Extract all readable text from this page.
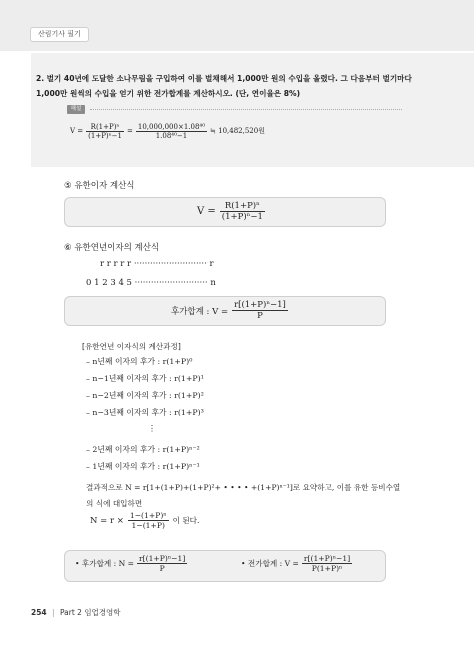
산림기사 필기
2. 벌기 40년에 도달한 소나무림을 구입하여 이를 벌채해서 1,000만 원의 수입을 올렸다. 그 다음부터 벌기마다 1,000만 원씩의 수입을 얻기 위한 전가합계를 계산하시오. (단, 연이율은 8%)
해설
$V = \frac{\text{R(1+P)ⁿ}}{\text{(1+P)ⁿ−1}} = \frac{\text{10,000,000×1.08⁴⁰}}{\text{1.08⁴⁰−1}}$ ≒ 10,482,520원
⑤ 유한이자 계산식
$V = \frac{\text{R(1+P)ⁿ}}{\text{(1+P)ⁿ−1}}$
⑥ 유한연년이자의 계산식
r r r r r ··························· r
0 1 2 3 4 5 ··························· n
후가합계 : $V = \frac{\text{r[(1+P)ⁿ−1]}}{P}$
[유한연년 이자식의 계산과정]
– n년째 이자의 후가 : r(1+P)⁰
– n−1년째 이자의 후가 : r(1+P)¹
– n−2년째 이자의 후가 : r(1+P)²
– n−3년째 이자의 후가 : r(1+P)³
⋮
– 2년째 이자의 후가 : r(1+P)ⁿ⁻²
– 1년째 이자의 후가 : r(1+P)ⁿ⁻¹
결과적으로 N = r[1+(1+P)+(1+P)²+ • • • • +(1+P)ⁿ⁻¹]로 요약하고, 이를 유한 등비수열
의 식에 대입하면
$N = r \times \frac{\text{1−(1+P)ⁿ}}{1-(1+P)}$ 이 된다.
• 후가합계 : $N = \frac{\text{r[(1+P)ⁿ−1]}}{P}$	• 전가합계 : $V = \frac{\text{r[(1+P)ⁿ−1]}}{\text{P(1+P)ⁿ}}$
254 | Part 2 임업경영학
